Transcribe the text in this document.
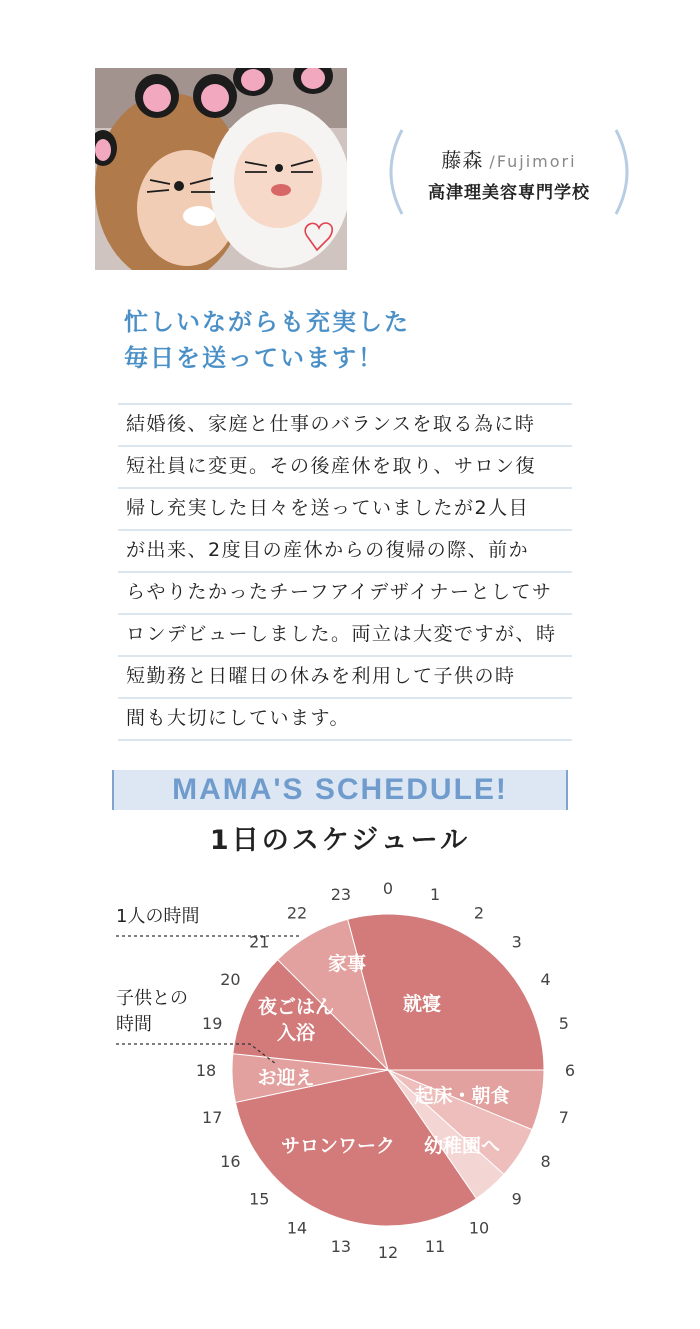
藤森 /Fujimori
高津理美容専門学校
忙しいながらも充実した
毎日を送っています！
結婚後、家庭と仕事のバランスを取る為に時
短社員に変更。その後産休を取り、サロン復
帰し充実した日々を送っていましたが2人目
が出来、2度目の産休からの復帰の際、前か
らやりたかったチーフアイデザイナーとしてサ
ロンデビューしました。両立は大変ですが、時
短勤務と日曜日の休みを利用して子供の時
間も大切にしています。
MAMA'S SCHEDULE!
1日のスケジュール
就寝
起床・朝食
幼稚園へ
サロンワーク
お迎え
夜ごはん入浴
家事
0 1
2
3
4
5
6
7
8
9
10
11
12
13
14
15
16
17
18
19
20
21
22
23
1人の時間
子供との時間
